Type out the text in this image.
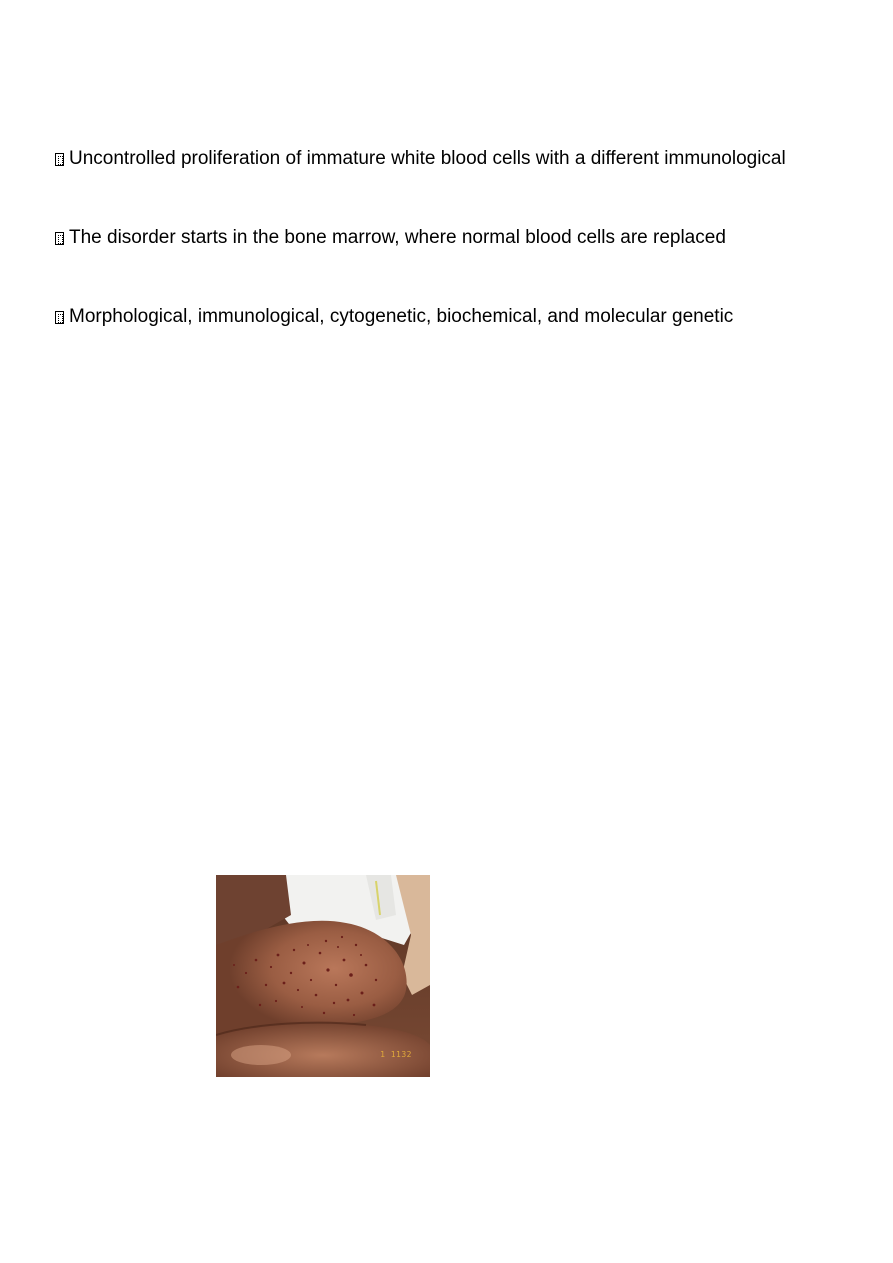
Uncontrolled proliferation of immature white blood cells with a different immunological
The disorder starts in the bone marrow, where normal blood cells are replaced
Morphological, immunological, cytogenetic, biochemical, and molecular genetic
1 1132
